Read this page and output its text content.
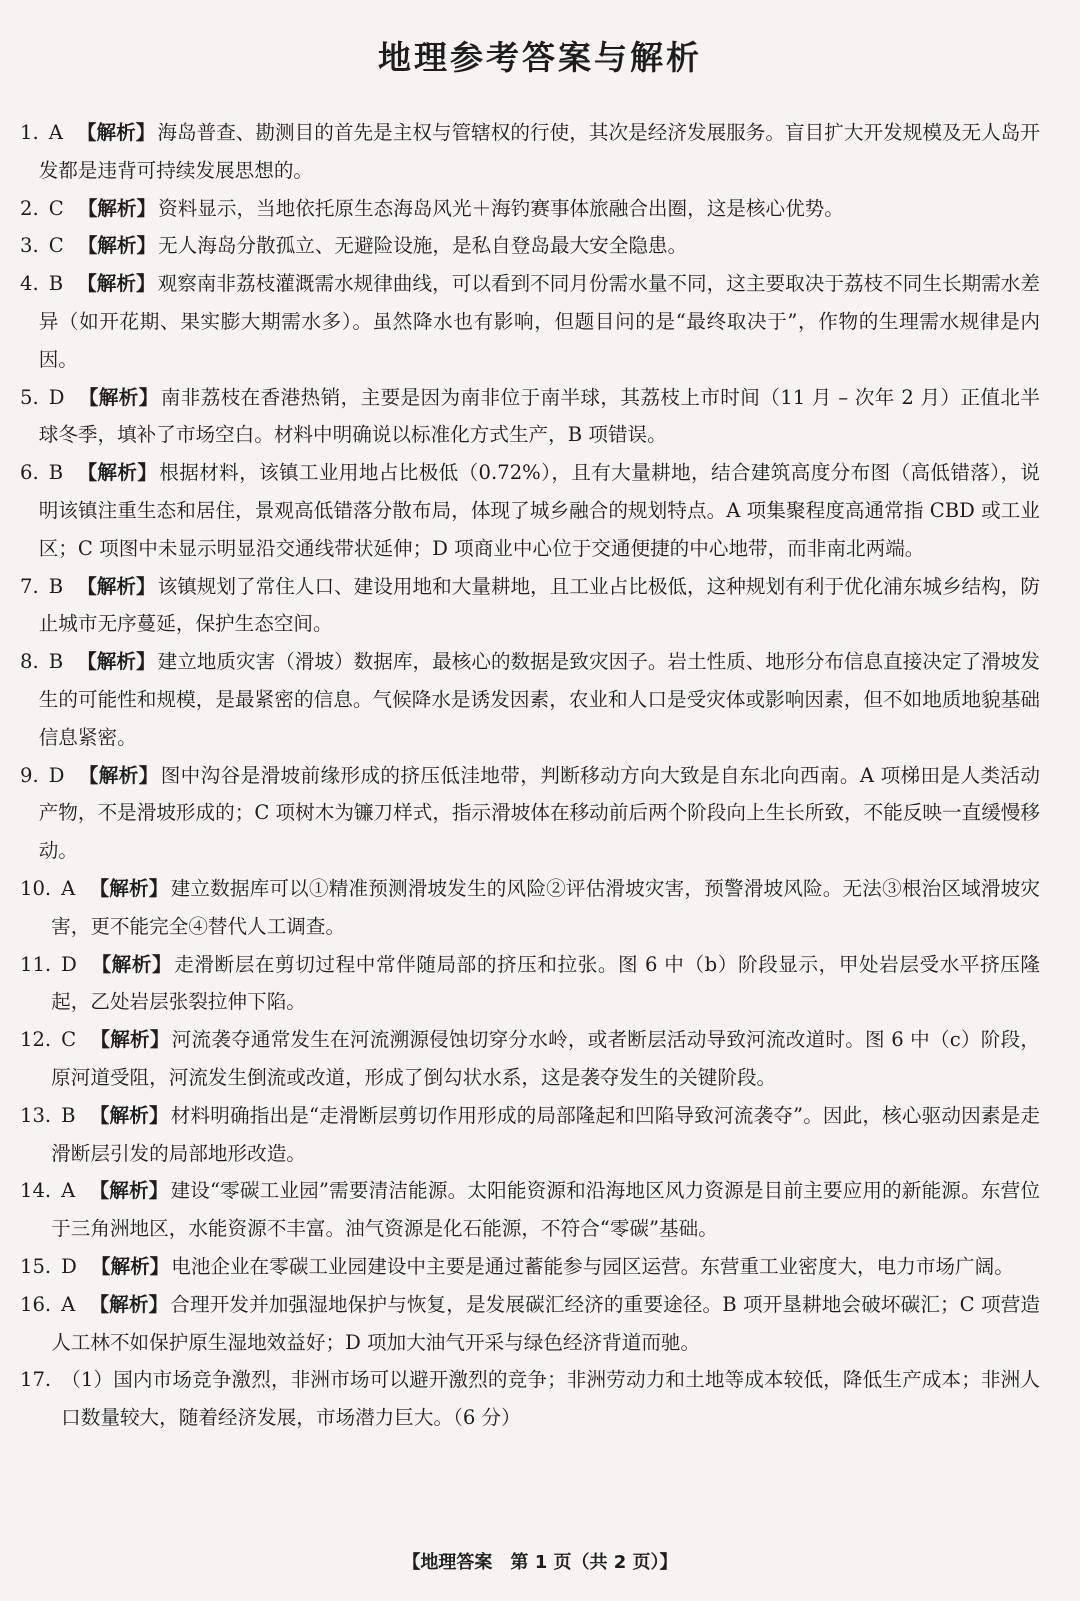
地理参考答案与解析
1. A 【解析】 海岛普查、勘测目的首先是主权与管辖权的行使，其次是经济发展服务。盲目扩大开发规模及无人岛开发都是违背可持续发展思想的。
2. C 【解析】 资料显示，当地依托原生态海岛风光＋海钓赛事体旅融合出圈，这是核心优势。
3. C 【解析】 无人海岛分散孤立、无避险设施，是私自登岛最大安全隐患。
4. B 【解析】 观察南非荔枝灌溉需水规律曲线，可以看到不同月份需水量不同，这主要取决于荔枝不同生长期需水差异（如开花期、果实膨大期需水多）。虽然降水也有影响，但题目问的是“最终取决于”，作物的生理需水规律是内因。
5. D 【解析】 南非荔枝在香港热销，主要是因为南非位于南半球，其荔枝上市时间（11 月 – 次年 2 月）正值北半球冬季，填补了市场空白。材料中明确说以标准化方式生产，B 项错误。
6. B 【解析】 根据材料，该镇工业用地占比极低（0.72%），且有大量耕地，结合建筑高度分布图（高低错落），说明该镇注重生态和居住，景观高低错落分散布局，体现了城乡融合的规划特点。A 项集聚程度高通常指 CBD 或工业区；C 项图中未显示明显沿交通线带状延伸；D 项商业中心位于交通便捷的中心地带，而非南北两端。
7. B 【解析】 该镇规划了常住人口、建设用地和大量耕地，且工业占比极低，这种规划有利于优化浦东城乡结构，防止城市无序蔓延，保护生态空间。
8. B 【解析】 建立地质灾害（滑坡）数据库，最核心的数据是致灾因子。岩土性质、地形分布信息直接决定了滑坡发生的可能性和规模，是最紧密的信息。气候降水是诱发因素，农业和人口是受灾体或影响因素，但不如地质地貌基础信息紧密。
9. D 【解析】 图中沟谷是滑坡前缘形成的挤压低洼地带，判断移动方向大致是自东北向西南。A 项梯田是人类活动产物，不是滑坡形成的；C 项树木为镰刀样式，指示滑坡体在移动前后两个阶段向上生长所致，不能反映一直缓慢移动。
10. A 【解析】 建立数据库可以①精准预测滑坡发生的风险②评估滑坡灾害，预警滑坡风险。无法③根治区域滑坡灾害，更不能完全④替代人工调查。
11. D 【解析】 走滑断层在剪切过程中常伴随局部的挤压和拉张。图 6 中（b）阶段显示，甲处岩层受水平挤压隆起，乙处岩层张裂拉伸下陷。
12. C 【解析】 河流袭夺通常发生在河流溯源侵蚀切穿分水岭，或者断层活动导致河流改道时。图 6 中（c）阶段，原河道受阻，河流发生倒流或改道，形成了倒勾状水系，这是袭夺发生的关键阶段。
13. B 【解析】 材料明确指出是“走滑断层剪切作用形成的局部隆起和凹陷导致河流袭夺”。因此，核心驱动因素是走滑断层引发的局部地形改造。
14. A 【解析】 建设“零碳工业园”需要清洁能源。太阳能资源和沿海地区风力资源是目前主要应用的新能源。东营位于三角洲地区，水能资源不丰富。油气资源是化石能源，不符合“零碳”基础。
15. D 【解析】 电池企业在零碳工业园建设中主要是通过蓄能参与园区运营。东营重工业密度大，电力市场广阔。
16. A 【解析】 合理开发并加强湿地保护与恢复，是发展碳汇经济的重要途径。B 项开垦耕地会破坏碳汇；C 项营造人工林不如保护原生湿地效益好；D 项加大油气开采与绿色经济背道而驰。
17. （1）国内市场竞争激烈，非洲市场可以避开激烈的竞争；非洲劳动力和土地等成本较低，降低生产成本；非洲人口数量较大，随着经济发展，市场潜力巨大。（6 分）
【地理答案　第 1 页（共 2 页）】
